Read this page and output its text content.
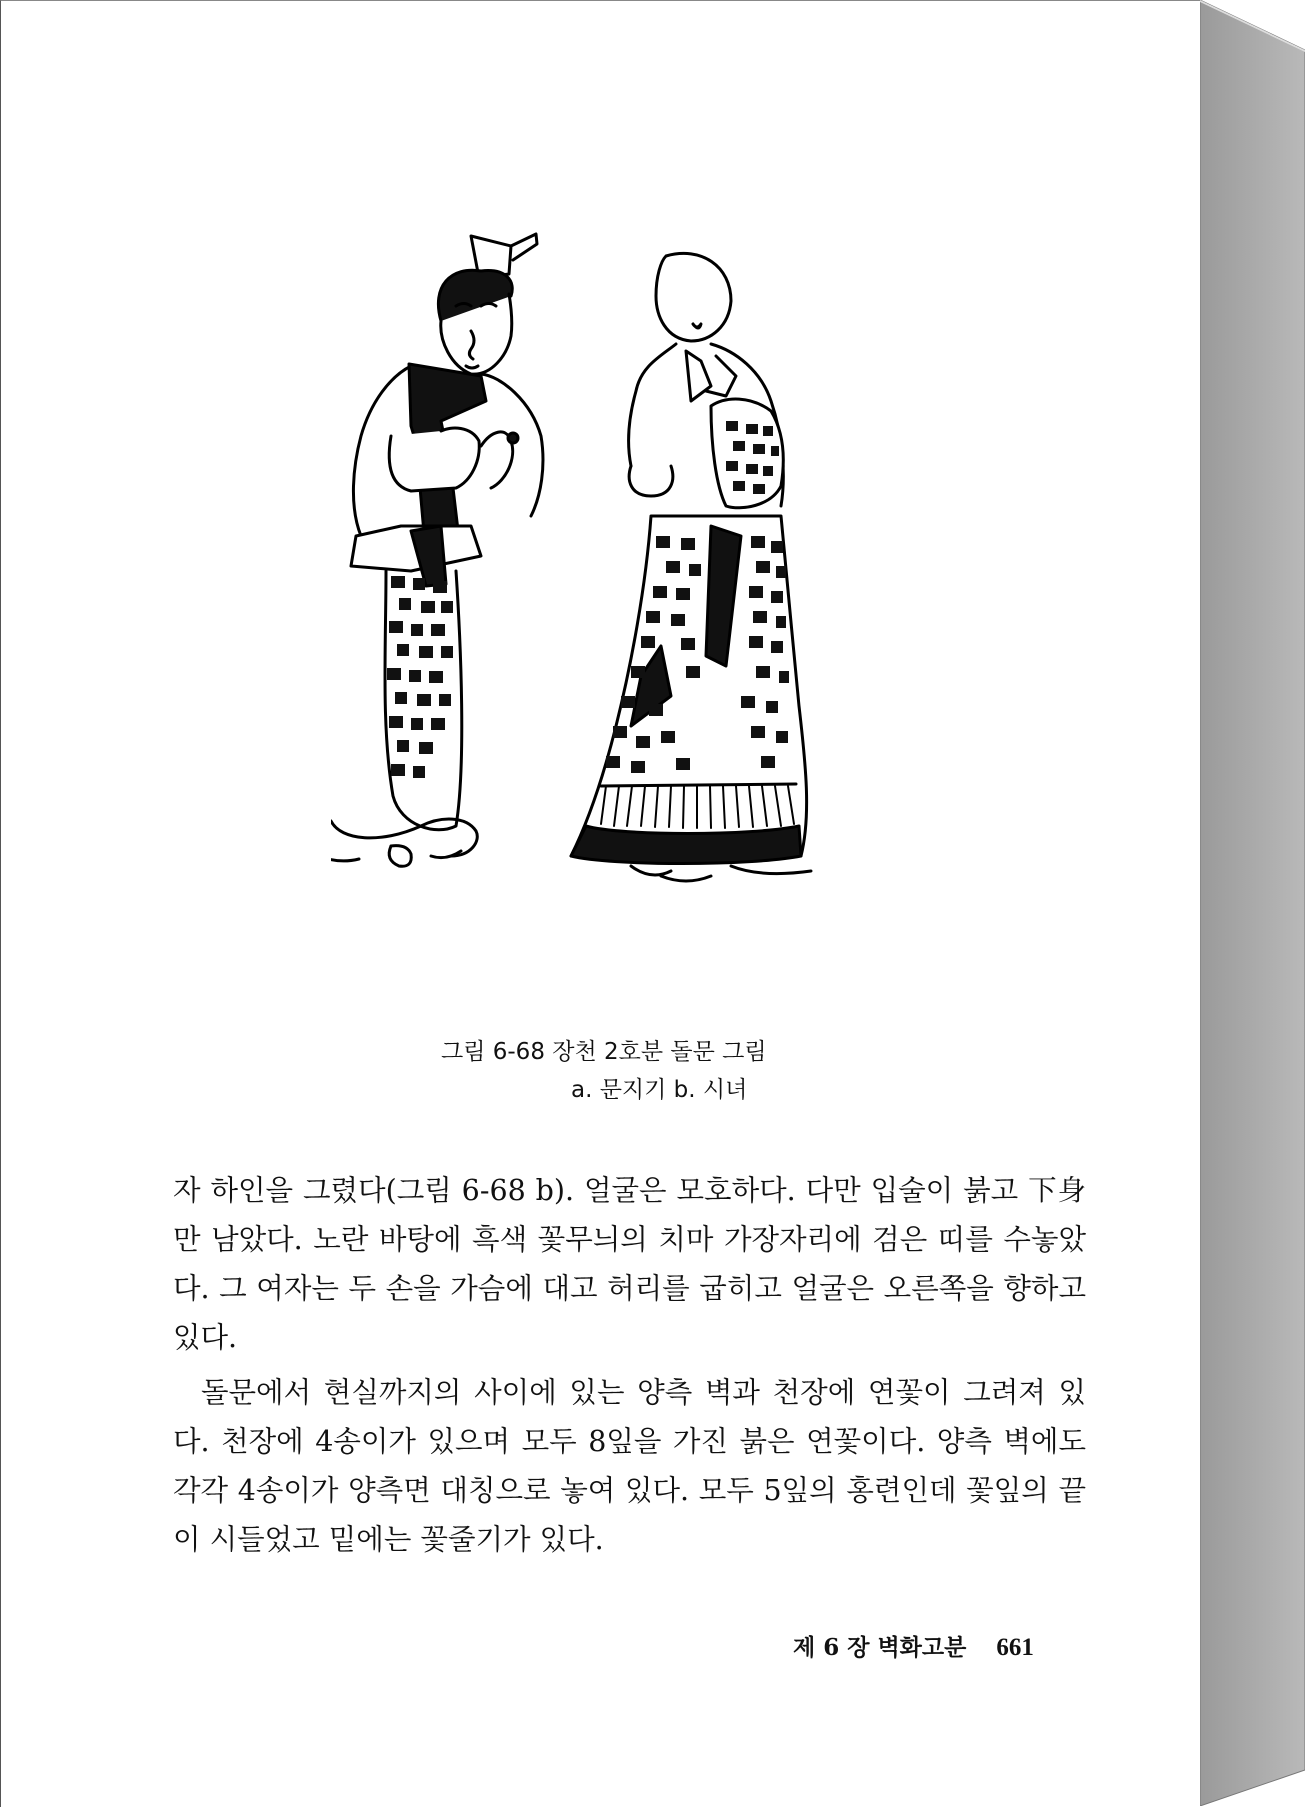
그림 6-68 장천 2호분 돌문 그림
a. 문지기 b. 시녀

자 하인을 그렸다(그림 6-68 b). 얼굴은 모호하다. 다만 입술이 붉고 下身만 남았다. 노란 바탕에 흑색 꽃무늬의 치마 가장자리에 검은 띠를 수놓았다. 그 여자는 두 손을 가슴에 대고 허리를 굽히고 얼굴은 오른쪽을 향하고 있다.

돌문에서 현실까지의 사이에 있는 양측 벽과 천장에 연꽃이 그려져 있다. 천장에 4송이가 있으며 모두 8잎을 가진 붉은 연꽃이다. 양측 벽에도 각각 4송이가 양측면 대칭으로 놓여 있다. 모두 5잎의 홍련인데 꽃잎의 끝이 시들었고 밑에는 꽃줄기가 있다.

제 6 장 벽화고분 661
